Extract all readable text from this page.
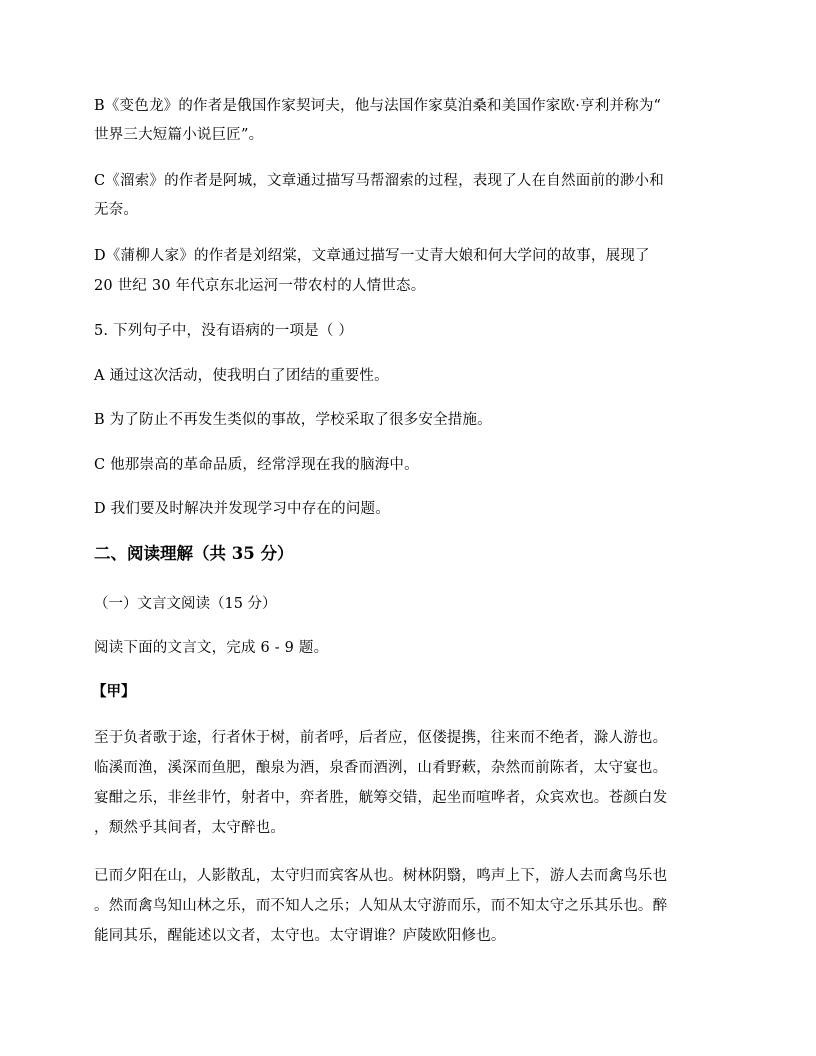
B《变色龙》的作者是俄国作家契诃夫，他与法国作家莫泊桑和美国作家欧·亨利并称为“
世界三大短篇小说巨匠”。
C《溜索》的作者是阿城，文章通过描写马帮溜索的过程，表现了人在自然面前的渺小和
无奈。
D《蒲柳人家》的作者是刘绍棠，文章通过描写一丈青大娘和何大学问的故事，展现了
20 世纪 30 年代京东北运河一带农村的人情世态。
5. 下列句子中，没有语病的一项是（ ）
A 通过这次活动，使我明白了团结的重要性。
B 为了防止不再发生类似的事故，学校采取了很多安全措施。
C 他那崇高的革命品质，经常浮现在我的脑海中。
D 我们要及时解决并发现学习中存在的问题。
二、阅读理解（共 35 分）
（一）文言文阅读（15 分）
阅读下面的文言文，完成 6 - 9 题。
【甲】
至于负者歌于途，行者休于树，前者呼，后者应，伛偻提携，往来而不绝者，滁人游也。
临溪而渔，溪深而鱼肥，酿泉为酒，泉香而酒洌，山肴野蔌，杂然而前陈者，太守宴也。
宴酣之乐，非丝非竹，射者中，弈者胜，觥筹交错，起坐而喧哗者，众宾欢也。苍颜白发
，颓然乎其间者，太守醉也。
已而夕阳在山，人影散乱，太守归而宾客从也。树林阴翳，鸣声上下，游人去而禽鸟乐也
。然而禽鸟知山林之乐，而不知人之乐；人知从太守游而乐，而不知太守之乐其乐也。醉
能同其乐，醒能述以文者，太守也。太守谓谁？庐陵欧阳修也。
